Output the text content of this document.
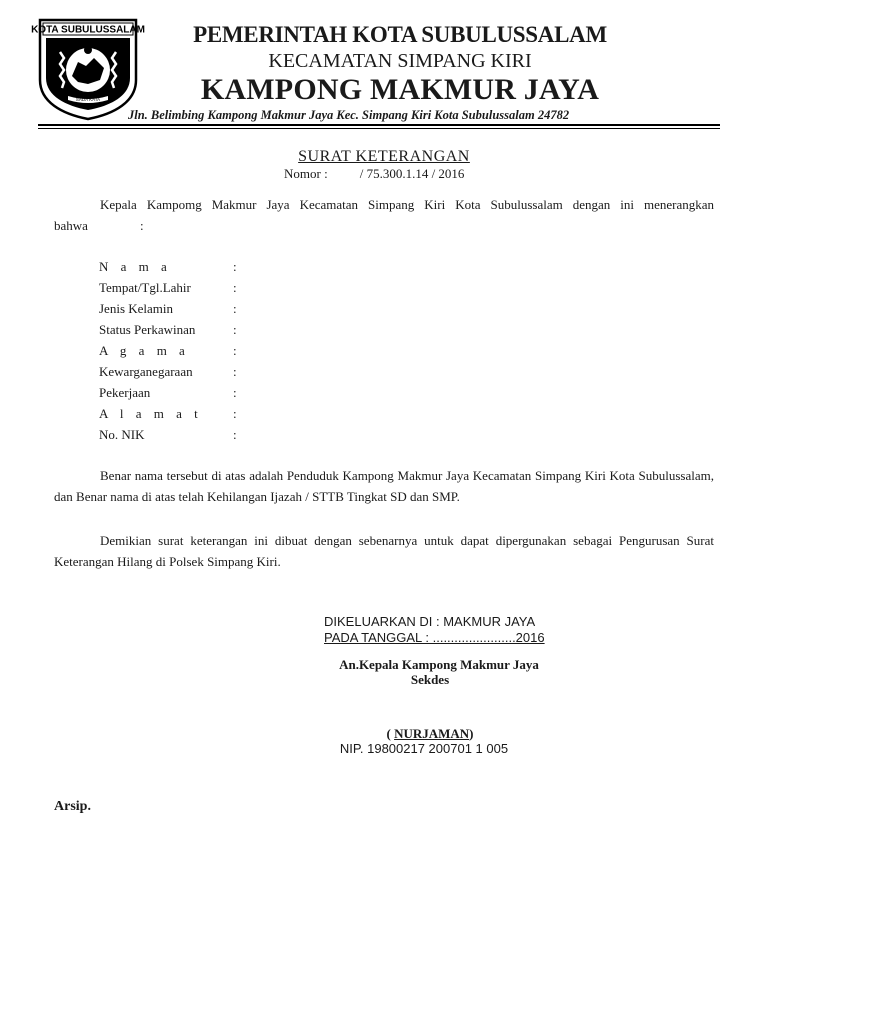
KOTA SUBULUSSALAM
SADA KATA
PEMERINTAH KOTA SUBULUSSALAM
KECAMATAN SIMPANG KIRI
KAMPONG MAKMUR JAYA
Jln. Belimbing Kampong Makmur Jaya Kec. Simpang Kiri Kota Subulussalam 24782
SURAT KETERANGAN
Nomor : / 75.300.1.14 / 2016
Kepala Kampomg Makmur Jaya Kecamatan Simpang Kiri Kota Subulussalam dengan ini menerangkan bahwa	:
N a m a	:
Tempat/Tgl.Lahir	:
Jenis Kelamin	:
Status Perkawinan	:
A g a m a	:
Kewarganegaraan	:
Pekerjaan	:
A l a m a t :
No. NIK	:
Benar nama tersebut di atas adalah Penduduk Kampong Makmur Jaya Kecamatan Simpang Kiri Kota Subulussalam, dan Benar nama di atas telah Kehilangan Ijazah / STTB Tingkat SD dan SMP.
Demikian surat keterangan ini dibuat dengan sebenarnya untuk dapat dipergunakan sebagai Pengurusan Surat Keterangan Hilang di Polsek Simpang Kiri.
DIKELUARKAN DI : MAKMUR JAYA
PADA TANGGAL : .......................2016
An.Kepala Kampong Makmur Jaya
Sekdes
( NURJAMAN)
NIP. 19800217 200701 1 005
Arsip.
